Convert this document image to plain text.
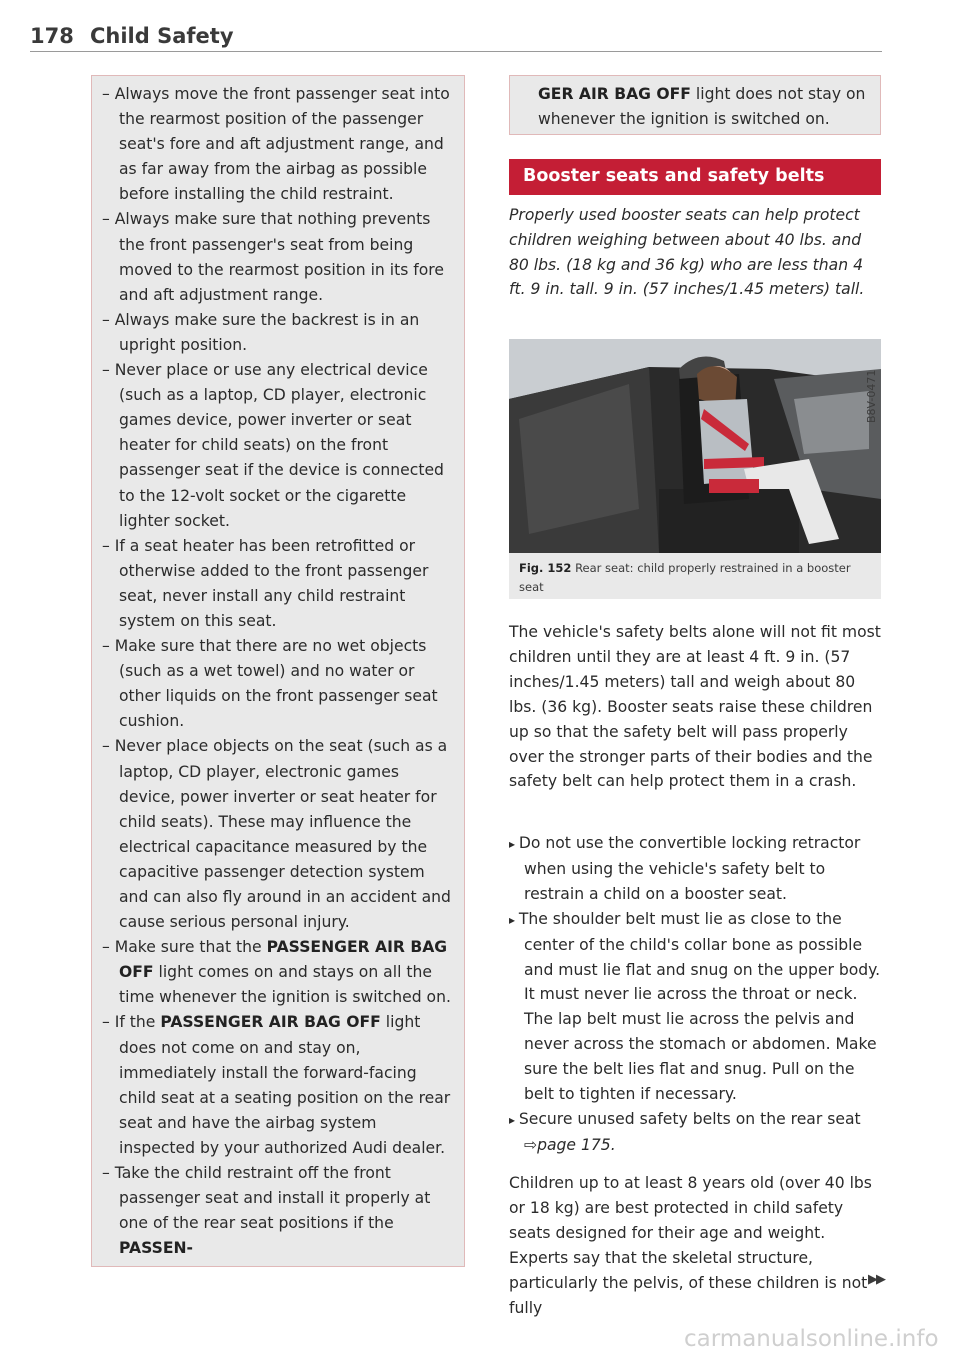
178 Child Safety
– Always move the front passenger seat into the rearmost position of the passenger seat's fore and aft adjustment range, and as far away from the airbag as possible before installing the child restraint.
– Always make sure that nothing prevents the front passenger's seat from being moved to the rearmost position in its fore and aft adjustment range.
– Always make sure the backrest is in an upright position.
– Never place or use any electrical device (such as a laptop, CD player, electronic games device, power inverter or seat heater for child seats) on the front passenger seat if the device is connected to the 12-volt socket or the cigarette lighter socket.
– If a seat heater has been retrofitted or otherwise added to the front passenger seat, never install any child restraint system on this seat.
– Make sure that there are no wet objects (such as a wet towel) and no water or other liquids on the front passenger seat cushion.
– Never place objects on the seat (such as a laptop, CD player, electronic games device, power inverter or seat heater for child seats). These may influence the electrical capacitance measured by the capacitive passenger detection system and can also fly around in an accident and cause serious personal injury.
– Make sure that the PASSENGER AIR BAG OFF light comes on and stays on all the time whenever the ignition is switched on.
– If the PASSENGER AIR BAG OFF light does not come on and stay on, immediately install the forward-facing child seat at a seating position on the rear seat and have the airbag system inspected by your authorized Audi dealer.
– Take the child restraint off the front passenger seat and install it properly at one of the rear seat positions if the PASSEN-
GER AIR BAG OFF light does not stay on whenever the ignition is switched on.
Booster seats and safety belts
Properly used booster seats can help protect children weighing between about 40 lbs. and 80 lbs. (18 kg and 36 kg) who are less than 4 ft. 9 in. tall. 9 in. (57 inches/1.45 meters) tall.
Fig. 152 Rear seat: child properly restrained in a booster seat
B8V-0471

The vehicle's safety belts alone will not fit most children until they are at least 4 ft. 9 in. (57 inches/1.45 meters) tall and weigh about 80 lbs. (36 kg). Booster seats raise these children up so that the safety belt will pass properly over the stronger parts of their bodies and the safety belt can help protect them in a crash.

▸ Do not use the convertible locking retractor when using the vehicle's safety belt to restrain a child on a booster seat.
▸ The shoulder belt must lie as close to the center of the child's collar bone as possible and must lie flat and snug on the upper body. It must never lie across the throat or neck. The lap belt must lie across the pelvis and never across the stomach or abdomen. Make sure the belt lies flat and snug. Pull on the belt to tighten if necessary.
▸ Secure unused safety belts on the rear seat ⇨page 175.

Children up to at least 8 years old (over 40 lbs or 18 kg) are best protected in child safety seats designed for their age and weight. Experts say that the skeletal structure, particularly the pelvis, of these children is not fully

▶▶
carmanualsonline.info
